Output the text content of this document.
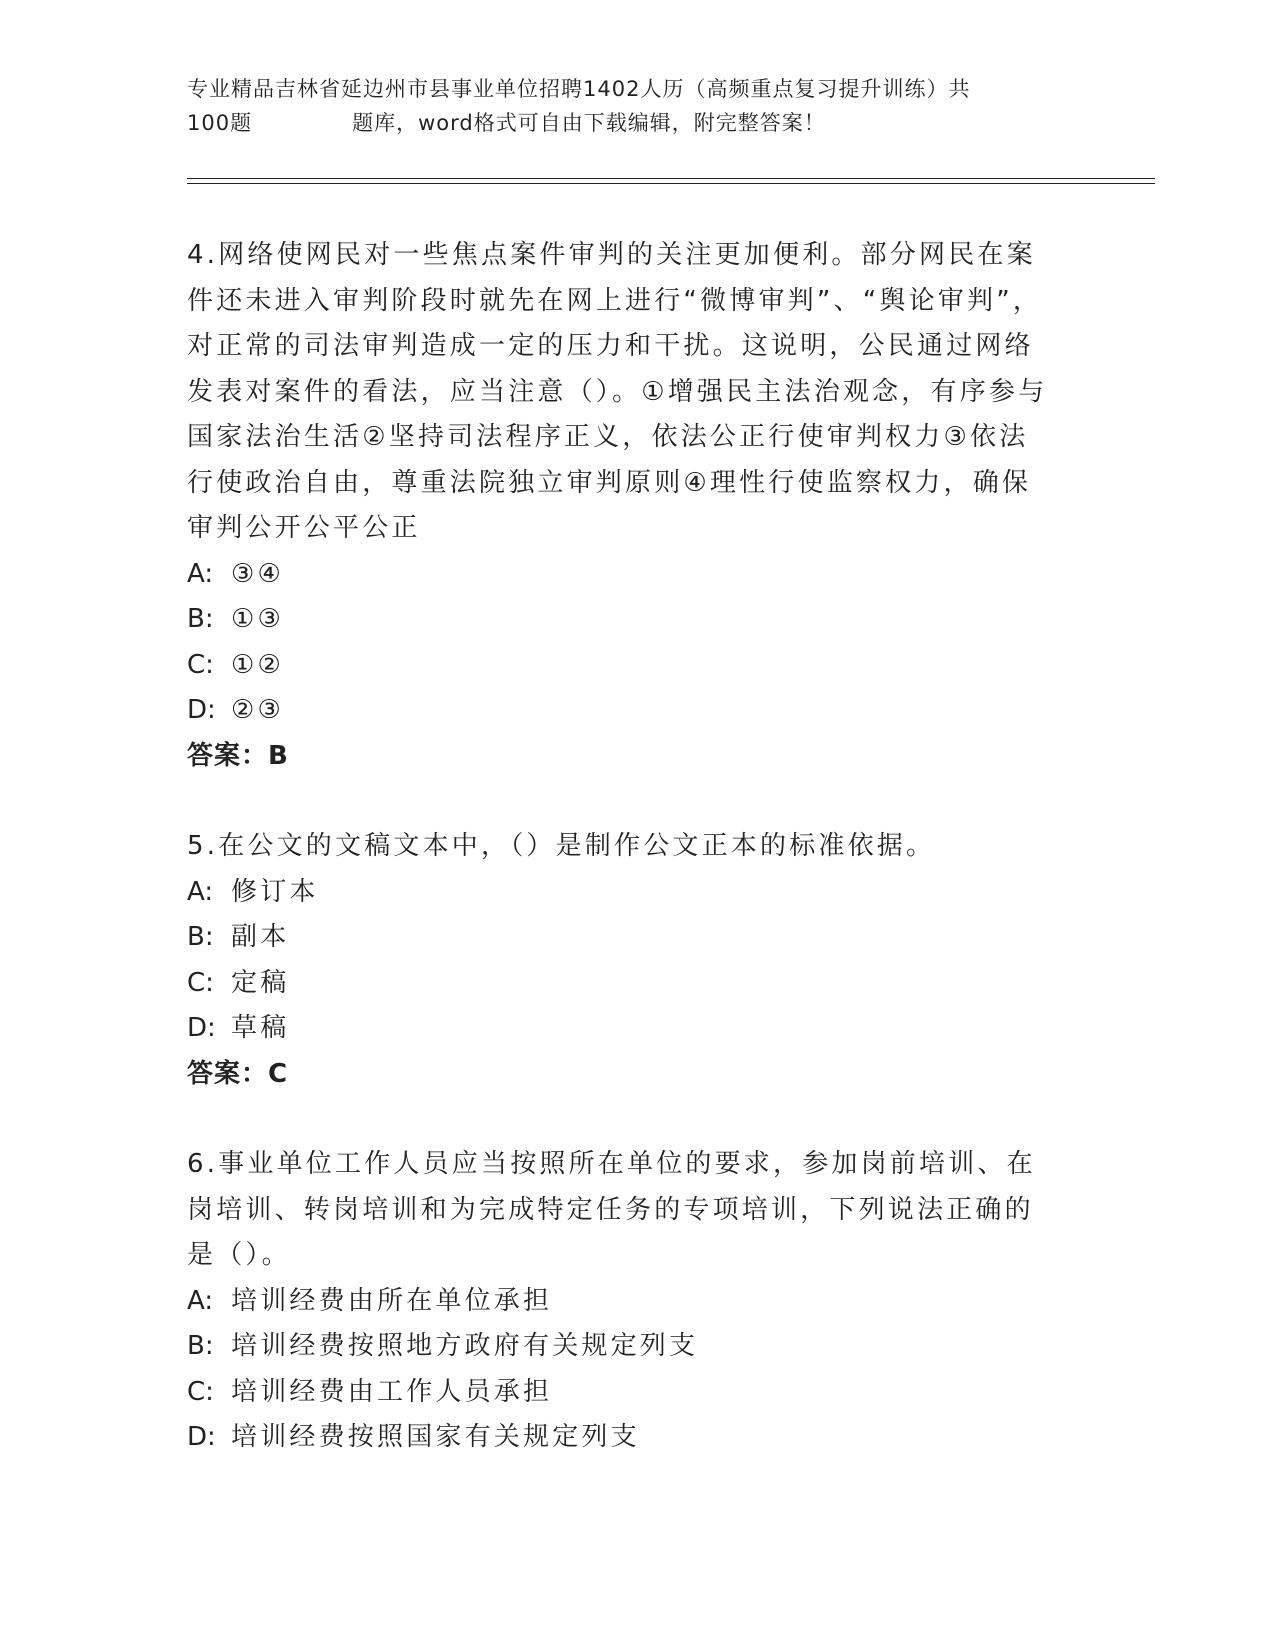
专业精品吉林省延边州市县事业单位招聘1402人历（高频重点复习提升训练）共
100题	题库，word格式可自由下载编辑，附完整答案！

4.网络使网民对一些焦点案件审判的关注更加便利。部分网民在案件还未进入审判阶段时就先在网上进行“微博审判”、“舆论审判”，对正常的司法审判造成一定的压力和干扰。这说明，公民通过网络发表对案件的看法，应当注意（）。①增强民主法治观念，有序参与国家法治生活②坚持司法程序正义，依法公正行使审判权力③依法行使政治自由，尊重法院独立审判原则④理性行使监察权力，确保审判公开公平公正

A: ③④

B: ①③

C: ①②

D: ②③

答案：B

5.在公文的文稿文本中，（）是制作公文正本的标准依据。

A: 修订本

B: 副本

C: 定稿

D: 草稿

答案：C

6.事业单位工作人员应当按照所在单位的要求，参加岗前培训、在岗培训、转岗培训和为完成特定任务的专项培训，下列说法正确的是（）。

A: 培训经费由所在单位承担

B: 培训经费按照地方政府有关规定列支

C: 培训经费由工作人员承担

D: 培训经费按照国家有关规定列支
